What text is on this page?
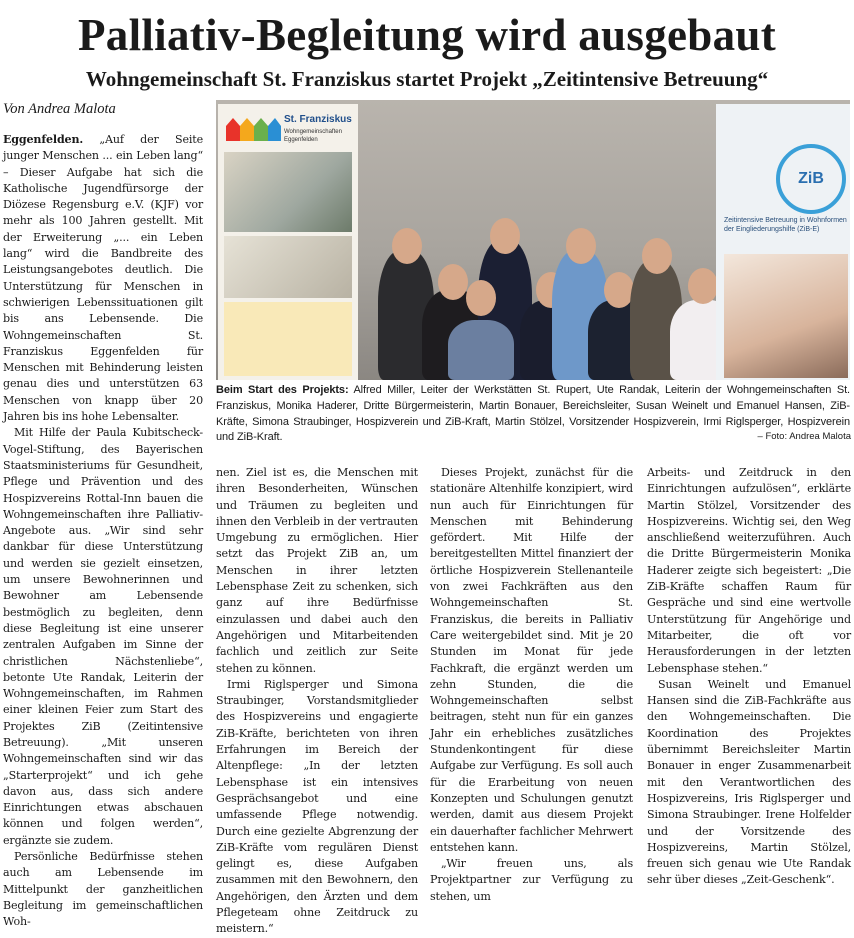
Palliativ-Begleitung wird ausgebaut
Wohngemeinschaft St. Franziskus startet Projekt „Zeitintensive Betreuung“
Von Andrea Malota
St. Franziskus
Wohngemeinschaften Eggenfelden
ZiB
Zeitintensive Betreuung in Wohnformen der Eingliederungshilfe (ZiB-E)
Beim Start des Projekts: Alfred Miller, Leiter der Werkstätten St. Rupert, Ute Randak, Leiterin der Wohngemeinschaften St. Franziskus, Monika Haderer, Dritte Bürgermeisterin, Martin Bonauer, Bereichsleiter, Susan Weinelt und Emanuel Hansen, ZiB-Kräfte, Simona Straubinger, Hospizverein und ZiB-Kraft, Martin Stölzel, Vorsitzender Hospizverein, Irmi Riglsperger, Hospizverein und ZiB-Kraft.	– Foto: Andrea Malota

Eggenfelden. „Auf der Seite junger Menschen ... ein Leben lang“ – Dieser Aufgabe hat sich die Katholische Jugendfürsorge der Diözese Regensburg e.V. (KJF) vor mehr als 100 Jahren gestellt. Mit der Erweiterung „... ein Leben lang“ wird die Bandbreite des Leistungsangebotes deutlich. Die Unterstützung für Menschen in schwierigen Lebenssituationen gilt bis ans Lebensende. Die Wohngemeinschaften St. Franziskus Eggenfelden für Menschen mit Behinderung leisten genau dies und unterstützen 63 Menschen von knapp über 20 Jahren bis ins hohe Lebensalter.

Mit Hilfe der Paula Kubitscheck-Vogel-Stiftung, des Bayerischen Staatsministeriums für Gesundheit, Pflege und Prävention und des Hospizvereins Rottal-Inn bauen die Wohngemeinschaften ihre Palliativ-Angebote aus. „Wir sind sehr dankbar für diese Unterstützung und werden sie gezielt einsetzen, um unsere Bewohnerinnen und Bewohner am Lebensende bestmöglich zu begleiten, denn diese Begleitung ist eine unserer zentralen Aufgaben im Sinne der christlichen Nächstenliebe“, betonte Ute Randak, Leiterin der Wohngemeinschaften, im Rahmen einer kleinen Feier zum Start des Projektes ZiB (Zeitintensive Betreuung). „Mit unseren Wohngemeinschaften sind wir das „Starterprojekt“ und ich gehe davon aus, dass sich andere Einrichtungen etwas abschauen können und folgen werden“, ergänzte sie zudem.

Persönliche Bedürfnisse stehen auch am Lebensende im Mittelpunkt der ganzheitlichen Begleitung im gemeinschaftlichen Woh-

nen. Ziel ist es, die Menschen mit ihren Besonderheiten, Wünschen und Träumen zu begleiten und ihnen den Verbleib in der vertrauten Umgebung zu ermöglichen. Hier setzt das Projekt ZiB an, um Menschen in ihrer letzten Lebensphase Zeit zu schenken, sich ganz auf ihre Bedürfnisse einzulassen und dabei auch den Angehörigen und Mitarbeitenden fachlich und zeitlich zur Seite stehen zu können.

Irmi Riglsperger und Simona Straubinger, Vorstandsmitglieder des Hospizvereins und engagierte ZiB-Kräfte, berichteten von ihren Erfahrungen im Bereich der Altenpflege: „In der letzten Lebensphase ist ein intensives Gesprächsangebot und eine umfassende Pflege notwendig. Durch eine gezielte Abgrenzung der ZiB-Kräfte vom regulären Dienst gelingt es, diese Aufgaben zusammen mit den Bewohnern, den Angehörigen, den Ärzten und dem Pflegeteam ohne Zeitdruck zu meistern.“

Dieses Projekt, zunächst für die stationäre Altenhilfe konzipiert, wird nun auch für Einrichtungen für Menschen mit Behinderung gefördert. Mit Hilfe der bereitgestellten Mittel finanziert der örtliche Hospizverein Stellenanteile von zwei Fachkräften aus den Wohngemeinschaften St. Franziskus, die bereits in Palliativ Care weitergebildet sind. Mit je 20 Stunden im Monat für jede Fachkraft, die ergänzt werden um zehn Stunden, die die Wohngemeinschaften selbst beitragen, steht nun für ein ganzes Jahr ein erhebliches zusätzliches Stundenkontingent für diese Aufgabe zur Verfügung. Es soll auch für die Erarbeitung von neuen Konzepten und Schulungen genutzt werden, damit aus diesem Projekt ein dauerhafter fachlicher Mehrwert entstehen kann.

„Wir freuen uns, als Projektpartner zur Verfügung zu stehen, um

Arbeits- und Zeitdruck in den Einrichtungen aufzulösen“, erklärte Martin Stölzel, Vorsitzender des Hospizvereins. Wichtig sei, den Weg anschließend weiterzuführen. Auch die Dritte Bürgermeisterin Monika Haderer zeigte sich begeistert: „Die ZiB-Kräfte schaffen Raum für Gespräche und sind eine wertvolle Unterstützung für Angehörige und Mitarbeiter, die oft vor Herausforderungen in der letzten Lebensphase stehen.“

Susan Weinelt und Emanuel Hansen sind die ZiB-Fachkräfte aus den Wohngemeinschaften. Die Koordination des Projektes übernimmt Bereichsleiter Martin Bonauer in enger Zusammenarbeit mit den Verantwortlichen des Hospizvereins, Iris Riglsperger und Simona Straubinger. Irene Holfelder und der Vorsitzende des Hospizvereins, Martin Stölzel, freuen sich genau wie Ute Randak sehr über dieses „Zeit-Geschenk“.
